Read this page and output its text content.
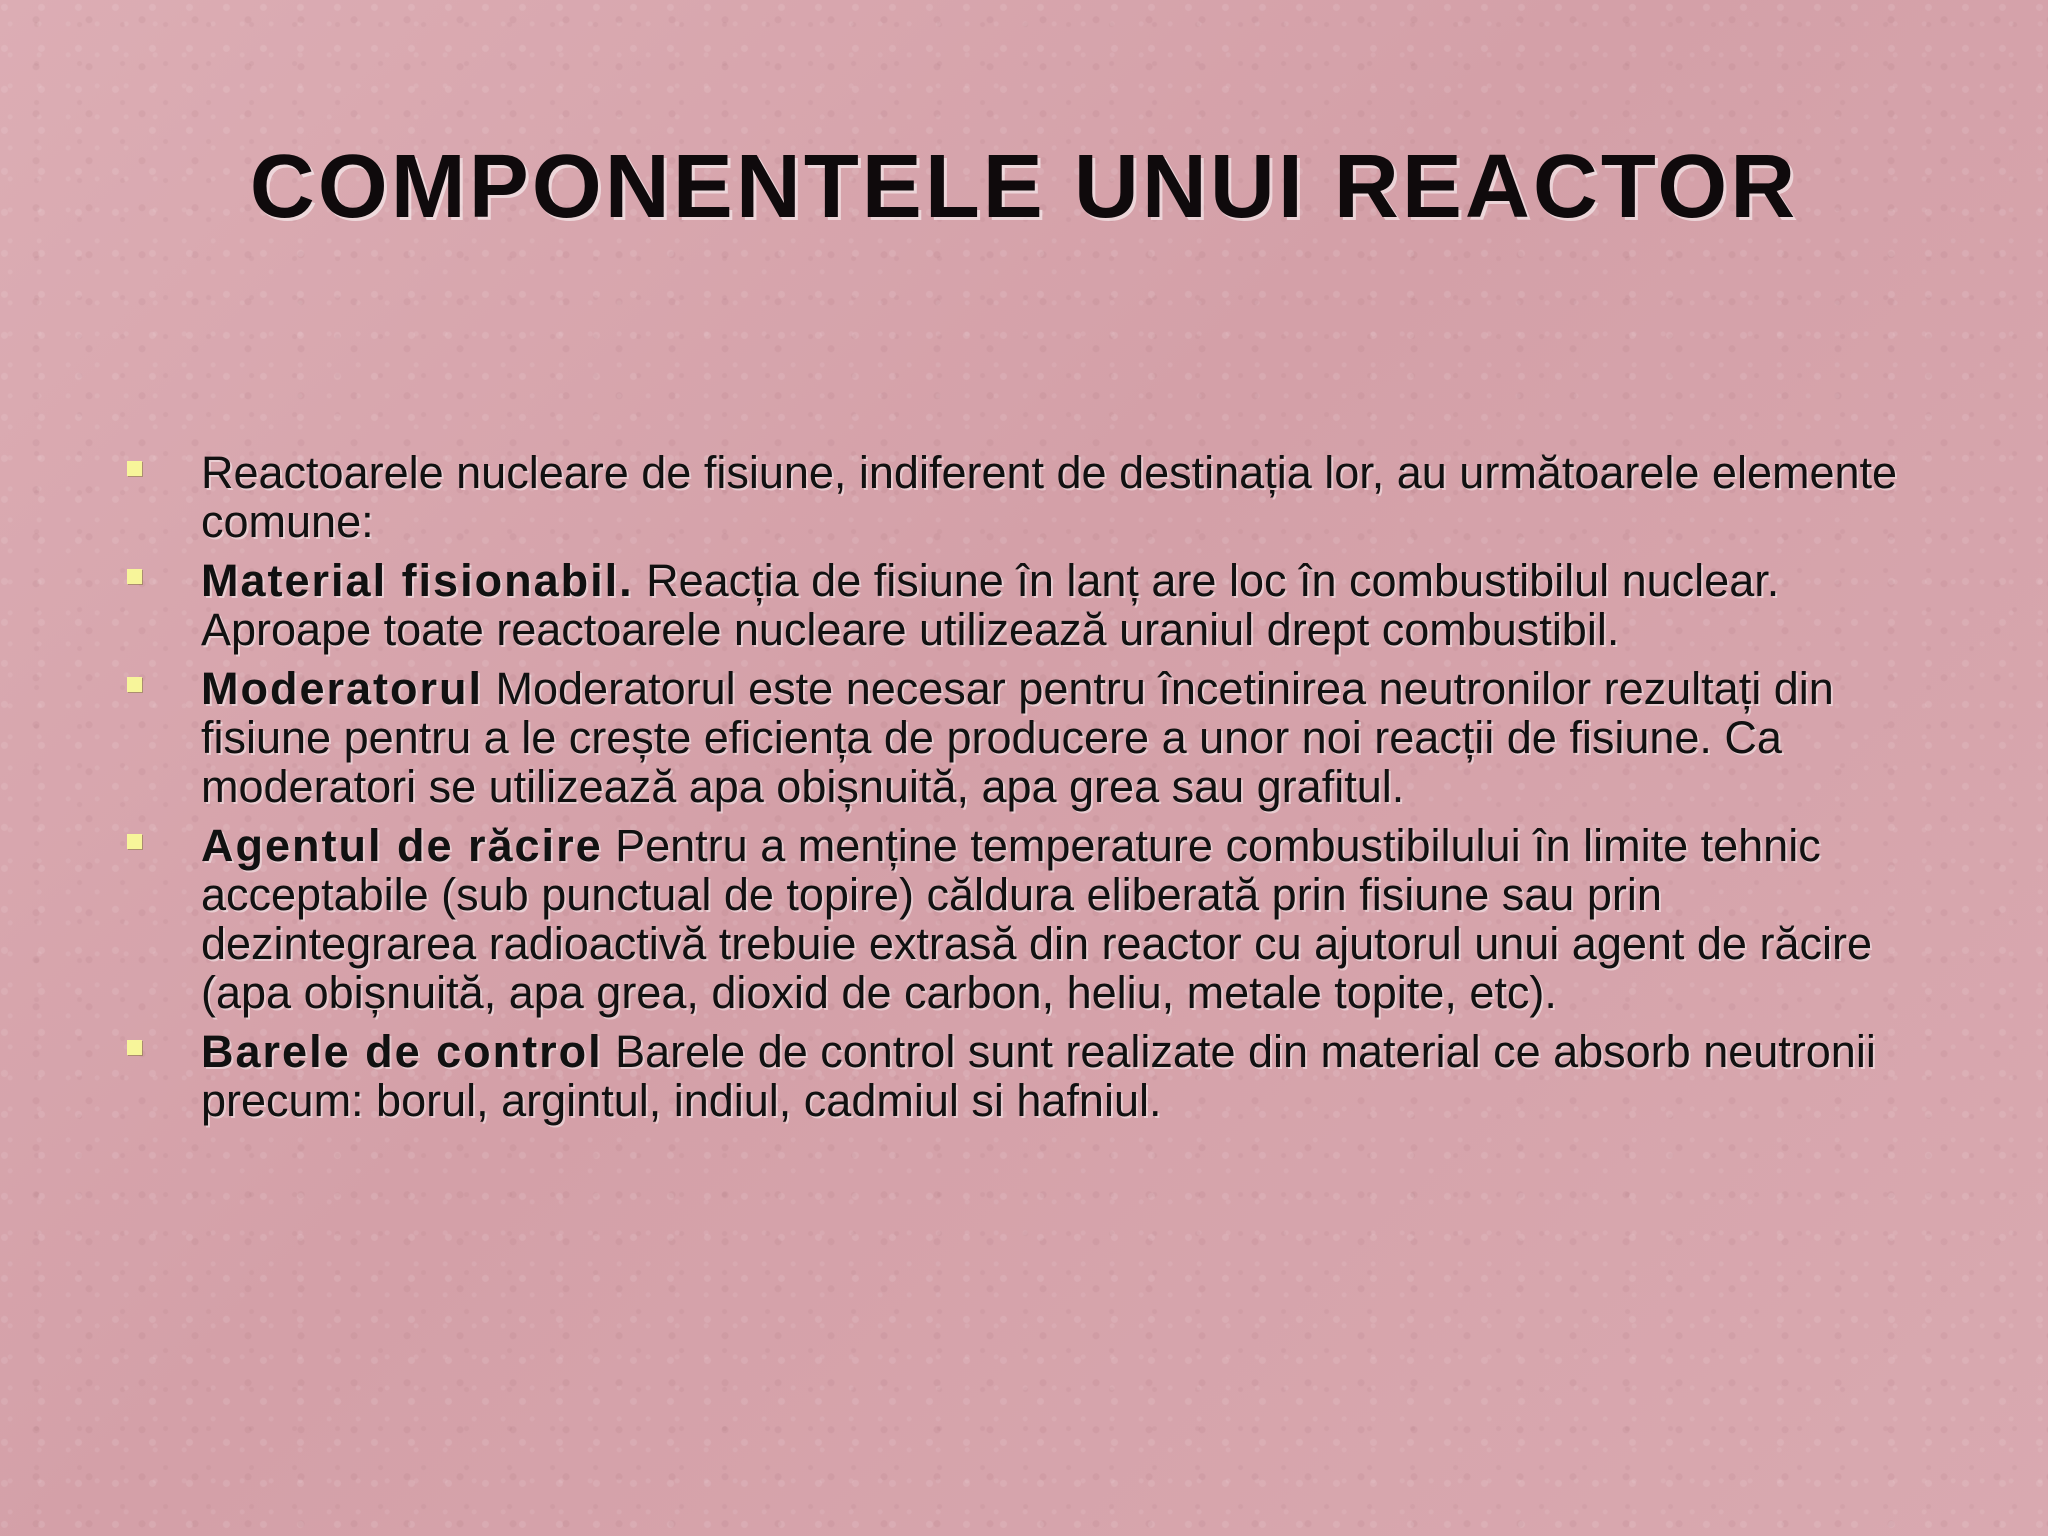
COMPONENTELE UNUI REACTOR
Reactoarele nucleare de fisiune, indiferent de destinația lor, au următoarele elemente comune:
Material fisionabil. Reacția de fisiune în lanț are loc în combustibilul nuclear. Aproape toate reactoarele nucleare utilizează uraniul drept combustibil.
Moderatorul Moderatorul este necesar pentru încetinirea neutronilor rezultați din fisiune pentru a le crește eficiența de producere a unor noi reacții de fisiune. Ca moderatori se utilizează apa obișnuită, apa grea sau grafitul.
Agentul de răcire Pentru a menține temperature combustibilului în limite tehnic acceptabile (sub punctual de topire) căldura eliberată prin fisiune sau prin dezintegrarea radioactivă trebuie extrasă din reactor cu ajutorul unui agent de răcire (apa obișnuită, apa grea, dioxid de carbon, heliu, metale topite, etc).
Barele de control Barele de control sunt realizate din material ce absorb neutronii precum: borul, argintul, indiul, cadmiul si hafniul.
